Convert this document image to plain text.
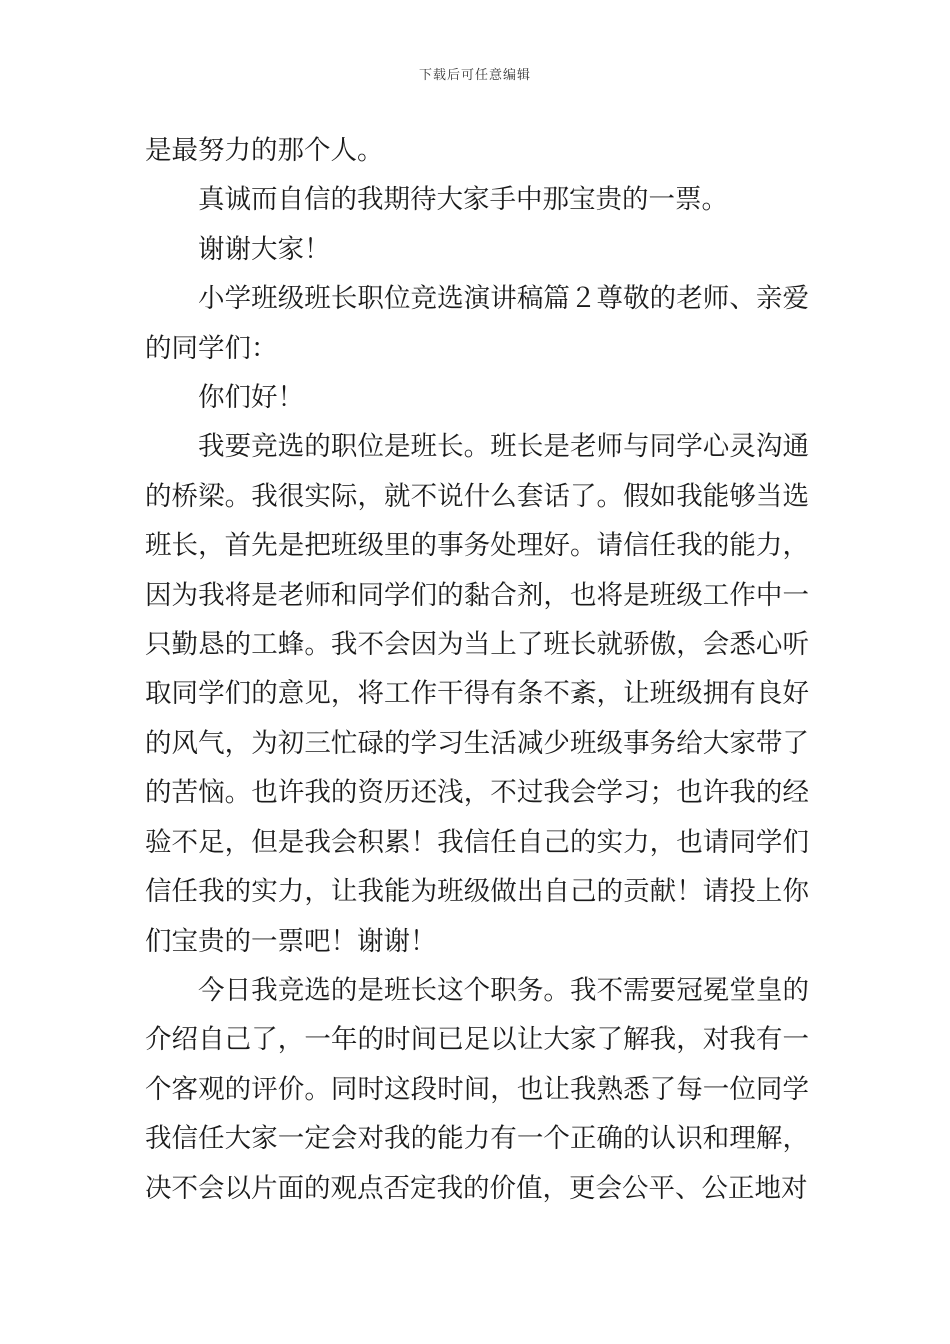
下载后可任意编辑

是最努力的那个人。

真诚而自信的我期待大家手中那宝贵的一票。

谢谢大家！

小学班级班长职位竞选演讲稿篇２尊敬的老师、亲爱的同学们：

你们好！

我要竞选的职位是班长。班长是老师与同学心灵沟通的桥梁。我很实际，就不说什么套话了。假如我能够当选班长，首先是把班级里的事务处理好。请信任我的能力，因为我将是老师和同学们的黏合剂，也将是班级工作中一只勤恳的工蜂。我不会因为当上了班长就骄傲，会悉心听取同学们的意见，将工作干得有条不紊，让班级拥有良好的风气，为初三忙碌的学习生活减少班级事务给大家带了的苦恼。也许我的资历还浅，不过我会学习；也许我的经验不足，但是我会积累！我信任自己的实力，也请同学们信任我的实力，让我能为班级做出自己的贡献！请投上你们宝贵的一票吧！谢谢！

今日我竞选的是班长这个职务。我不需要冠冕堂皇的介绍自己了，一年的时间已足以让大家了解我，对我有一个客观的评价。同时这段时间，也让我熟悉了每一位同学我信任大家一定会对我的能力有一个正确的认识和理解，决不会以片面的观点否定我的价值，更会公平、公正地对
